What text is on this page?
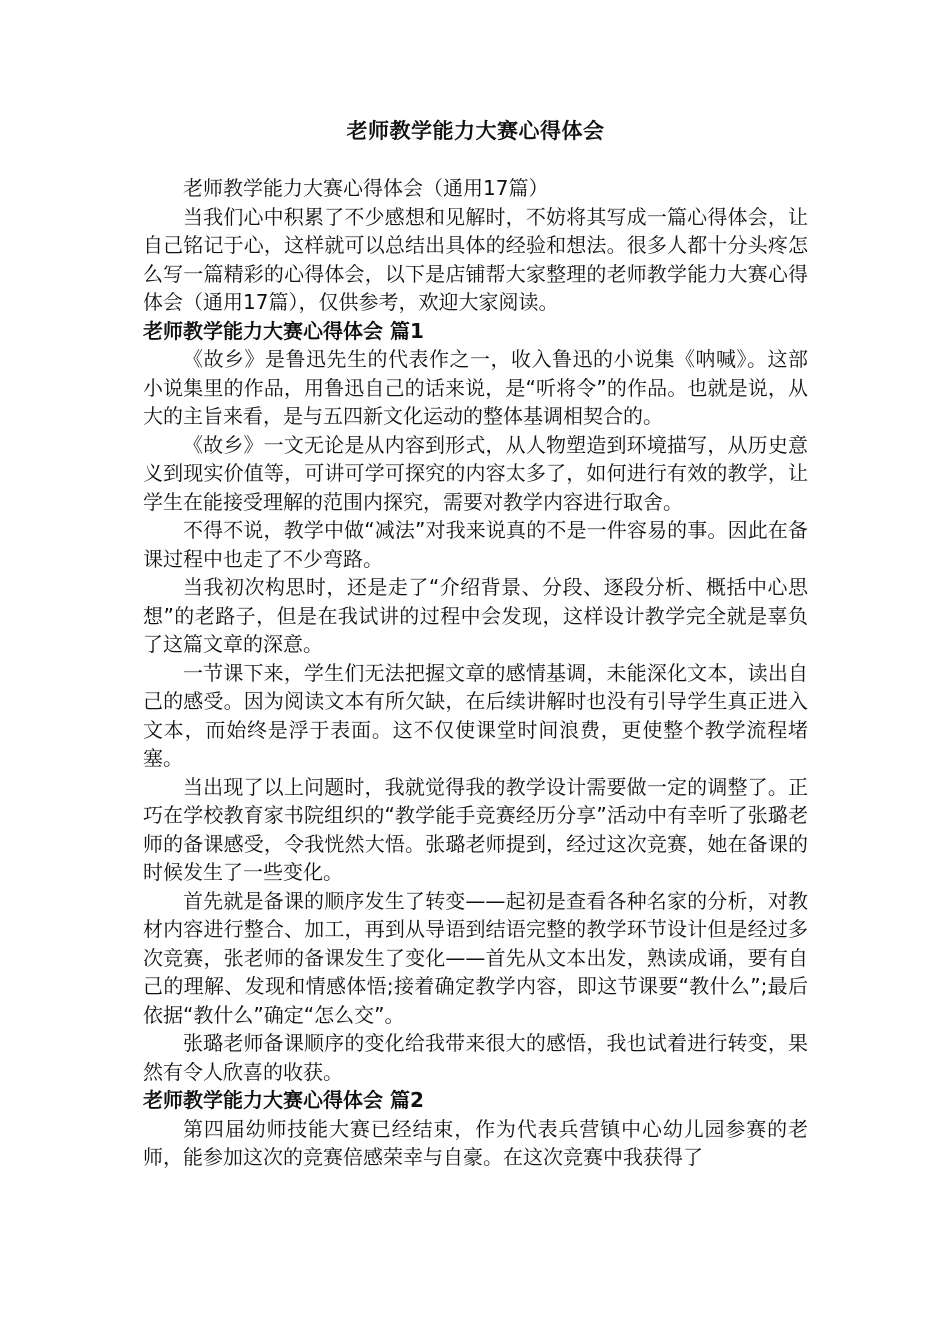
老师教学能力大赛心得体会

老师教学能力大赛心得体会（通用17篇）

当我们心中积累了不少感想和见解时，不妨将其写成一篇心得体会，让自己铭记于心，这样就可以总结出具体的经验和想法。很多人都十分头疼怎么写一篇精彩的心得体会，以下是店铺帮大家整理的老师教学能力大赛心得体会（通用17篇），仅供参考，欢迎大家阅读。

老师教学能力大赛心得体会 篇1

《故乡》是鲁迅先生的代表作之一，收入鲁迅的小说集《呐喊》。这部小说集里的作品，用鲁迅自己的话来说，是“听将令”的作品。也就是说，从大的主旨来看，是与五四新文化运动的整体基调相契合的。

《故乡》一文无论是从内容到形式，从人物塑造到环境描写，从历史意义到现实价值等，可讲可学可探究的内容太多了，如何进行有效的教学，让学生在能接受理解的范围内探究，需要对教学内容进行取舍。

不得不说，教学中做“减法”对我来说真的不是一件容易的事。因此在备课过程中也走了不少弯路。

当我初次构思时，还是走了“介绍背景、分段、逐段分析、概括中心思想”的老路子，但是在我试讲的过程中会发现，这样设计教学完全就是辜负了这篇文章的深意。

一节课下来，学生们无法把握文章的感情基调，未能深化文本，读出自己的感受。因为阅读文本有所欠缺，在后续讲解时也没有引导学生真正进入文本，而始终是浮于表面。这不仅使课堂时间浪费，更使整个教学流程堵塞。

当出现了以上问题时，我就觉得我的教学设计需要做一定的调整了。正巧在学校教育家书院组织的“教学能手竞赛经历分享”活动中有幸听了张璐老师的备课感受，令我恍然大悟。张璐老师提到，经过这次竞赛，她在备课的时候发生了一些变化。

首先就是备课的顺序发生了转变——起初是查看各种名家的分析，对教材内容进行整合、加工，再到从导语到结语完整的教学环节设计但是经过多次竞赛，张老师的备课发生了变化——首先从文本出发，熟读成诵，要有自己的理解、发现和情感体悟;接着确定教学内容，即这节课要“教什么”;最后依据“教什么”确定“怎么交”。

张璐老师备课顺序的变化给我带来很大的感悟，我也试着进行转变，果然有令人欣喜的收获。

老师教学能力大赛心得体会 篇2

第四届幼师技能大赛已经结束，作为代表兵营镇中心幼儿园参赛的老师，能参加这次的竞赛倍感荣幸与自豪。在这次竞赛中我获得了
